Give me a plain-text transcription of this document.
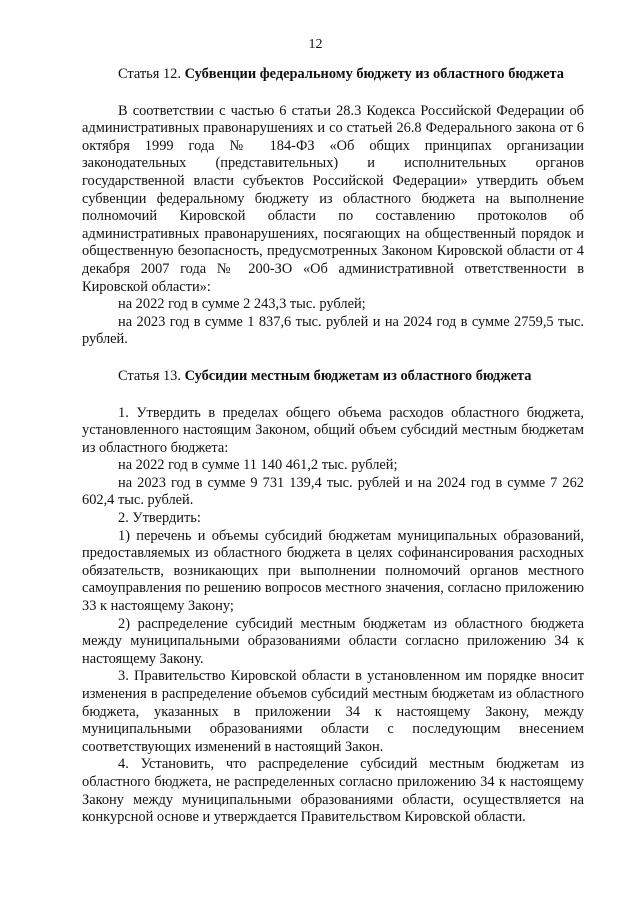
12

Статья 12. Субвенции федеральному бюджету из областного бюджета

В соответствии с частью 6 статьи 28.3 Кодекса Российской Федерации об административных правонарушениях и со статьей 26.8 Федерального закона от 6 октября 1999 года № 184-ФЗ «Об общих принципах организации законодательных (представительных) и исполнительных органов государственной власти субъектов Российской Федерации» утвердить объем субвенции федеральному бюджету из областного бюджета на выполнение полномочий Кировской области по составлению протоколов об административных правонарушениях, посягающих на общественный порядок и общественную безопасность, предусмотренных Законом Кировской области от 4 декабря 2007 года № 200-ЗО «Об административной ответственности в Кировской области»:

на 2022 год в сумме 2 243,3 тыс. рублей;

на 2023 год в сумме 1 837,6 тыс. рублей и на 2024 год в сумме 2759,5 тыс. рублей.

Статья 13. Субсидии местным бюджетам из областного бюджета

1. Утвердить в пределах общего объема расходов областного бюджета, установленного настоящим Законом, общий объем субсидий местным бюджетам из областного бюджета:

на 2022 год в сумме 11 140 461,2 тыс. рублей;

на 2023 год в сумме 9 731 139,4 тыс. рублей и на 2024 год в сумме 7 262 602,4 тыс. рублей.

2. Утвердить:

1) перечень и объемы субсидий бюджетам муниципальных образований, предоставляемых из областного бюджета в целях софинансирования расходных обязательств, возникающих при выполнении полномочий органов местного самоуправления по решению вопросов местного значения, согласно приложению 33 к настоящему Закону;

2) распределение субсидий местным бюджетам из областного бюджета между муниципальными образованиями области согласно приложению 34 к настоящему Закону.

3. Правительство Кировской области в установленном им порядке вносит изменения в распределение объемов субсидий местным бюджетам из областного бюджета, указанных в приложении 34 к настоящему Закону, между муниципальными образованиями области с последующим внесением соответствующих изменений в настоящий Закон.

4. Установить, что распределение субсидий местным бюджетам из областного бюджета, не распределенных согласно приложению 34 к настоящему Закону между муниципальными образованиями области, осуществляется на конкурсной основе и утверждается Правительством Кировской области.
